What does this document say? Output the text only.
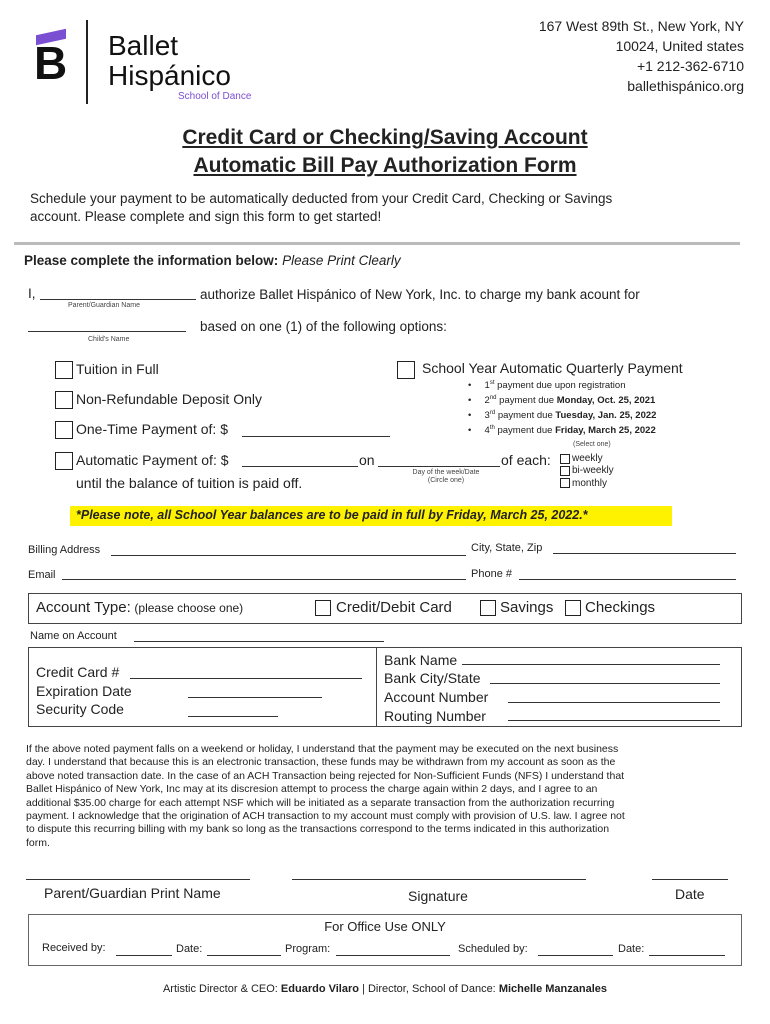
B Ballet
Hispánico
School of Dance
167 West 89th St., New York, NY
10024, United states
+1 212-362-6710
ballethispánico.org
Credit Card or Checking/Saving Account
Automatic Bill Pay Authorization Form
Schedule your payment to be automatically deducted from your Credit Card, Checking or Savings
account. Please complete and sign this form to get started!
Please complete the information below: Please Print Clearly
I,
Parent/Guardian Name
authorize Ballet Hispánico of New York, Inc. to charge my bank acount for
Child's Name
based on one (1) of the following options:
Tuition in Full
Non-Refundable Deposit Only
One-Time Payment of: $
Automatic Payment of: $	on	of each:
Day of the week/Date
(Circle one)
until the balance of tuition is paid off.
(Select one)
weekly
bi-weekly
monthly
School Year Automatic Quarterly Payment
•     1st payment due upon registration
•     2nd payment due Monday, Oct. 25, 2021
•     3rd payment due Tuesday, Jan. 25, 2022
•     4th payment due Friday, March 25, 2022
*Please note, all School Year balances are to be paid in full by Friday, March 25, 2022.*
Billing Address	City, State, Zip
Email	Phone #
Account Type: (please choose one)	Credit/Debit Card	Savings Checkings
Name on Account
Credit Card #
Expiration Date
Security Code
Bank Name
Bank City/State
Account Number
Routing Number
If the above noted payment falls on a weekend or holiday, I understand that the payment may be executed on the next business
day. I understand that because this is an electronic transaction, these funds may be withdrawn from my account as soon as the
above noted transaction date. In the case of an ACH Transaction being rejected for Non-Sufficient Funds (NFS) I understand that
Ballet Hispánico of New York, Inc may at its discresion attempt to process the charge again within 2 days, and I agree to an
additional $35.00 charge for each attempt NSF which will be initiated as a separate transaction from the authorization recurring
payment. I acknowledge that the origination of ACH transaction to my account must comply with provision of U.S. law. I agree not
to dispute this recurring billing with my bank so long as the transactions correspond to the terms indicated in this authorization
form.
Parent/Guardian Print Name	Signature	Date
For Office Use ONLY
Received by:	Date:	Program:	Scheduled by:	Date:
Artistic Director & CEO: Eduardo Vilaro | Director, School of Dance: Michelle Manzanales
